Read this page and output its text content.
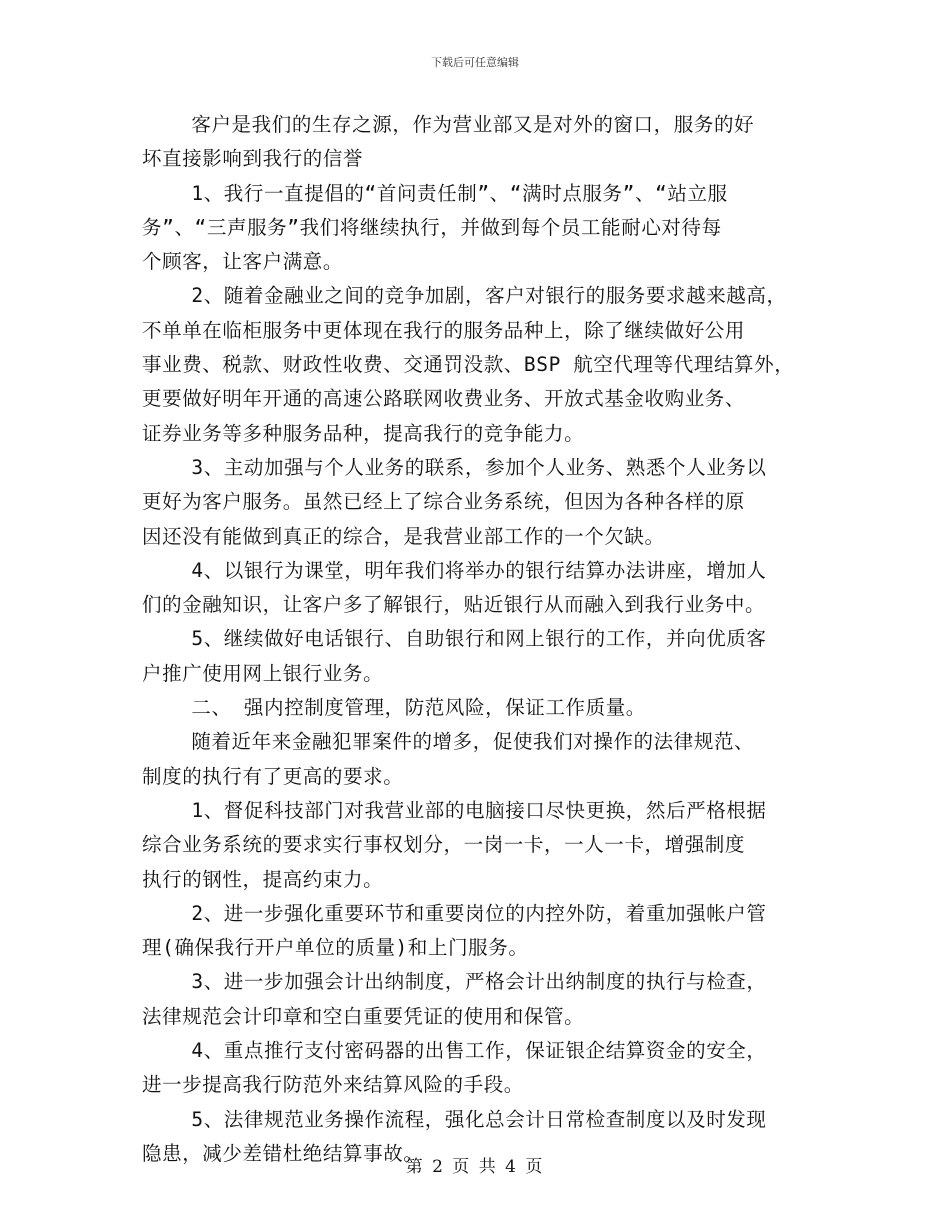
下载后可任意编辑

客户是我们的生存之源，作为营业部又是对外的窗口，服务的好
坏直接影响到我行的信誉

1、我行一直提倡的“首问责任制”、“满时点服务”、“站立服
务”、“三声服务”我们将继续执行，并做到每个员工能耐心对待每
个顾客，让客户满意。

2、随着金融业之间的竞争加剧，客户对银行的服务要求越来越高，
不单单在临柜服务中更体现在我行的服务品种上，除了继续做好公用
事业费、税款、财政性收费、交通罚没款、BSP 航空代理等代理结算外，
更要做好明年开通的高速公路联网收费业务、开放式基金收购业务、
证券业务等多种服务品种，提高我行的竞争能力。

3、主动加强与个人业务的联系，参加个人业务、熟悉个人业务以
更好为客户服务。虽然已经上了综合业务系统，但因为各种各样的原
因还没有能做到真正的综合，是我营业部工作的一个欠缺。

4、以银行为课堂，明年我们将举办的银行结算办法讲座，增加人
们的金融知识，让客户多了解银行，贴近银行从而融入到我行业务中。

5、继续做好电话银行、自助银行和网上银行的工作，并向优质客
户推广使用网上银行业务。

二、 强内控制度管理，防范风险，保证工作质量。

随着近年来金融犯罪案件的增多，促使我们对操作的法律规范、
制度的执行有了更高的要求。

1、督促科技部门对我营业部的电脑接口尽快更换，然后严格根据
综合业务系统的要求实行事权划分，一岗一卡，一人一卡，增强制度
执行的钢性，提高约束力。

2、进一步强化重要环节和重要岗位的内控外防，着重加强帐户管
理(确保我行开户单位的质量)和上门服务。

3、进一步加强会计出纳制度，严格会计出纳制度的执行与检查，
法律规范会计印章和空白重要凭证的使用和保管。

4、重点推行支付密码器的出售工作，保证银企结算资金的安全，
进一步提高我行防范外来结算风险的手段。

5、法律规范业务操作流程，强化总会计日常检查制度以及时发现
隐患，减少差错杜绝结算事故。

第 2 页 共 4 页
